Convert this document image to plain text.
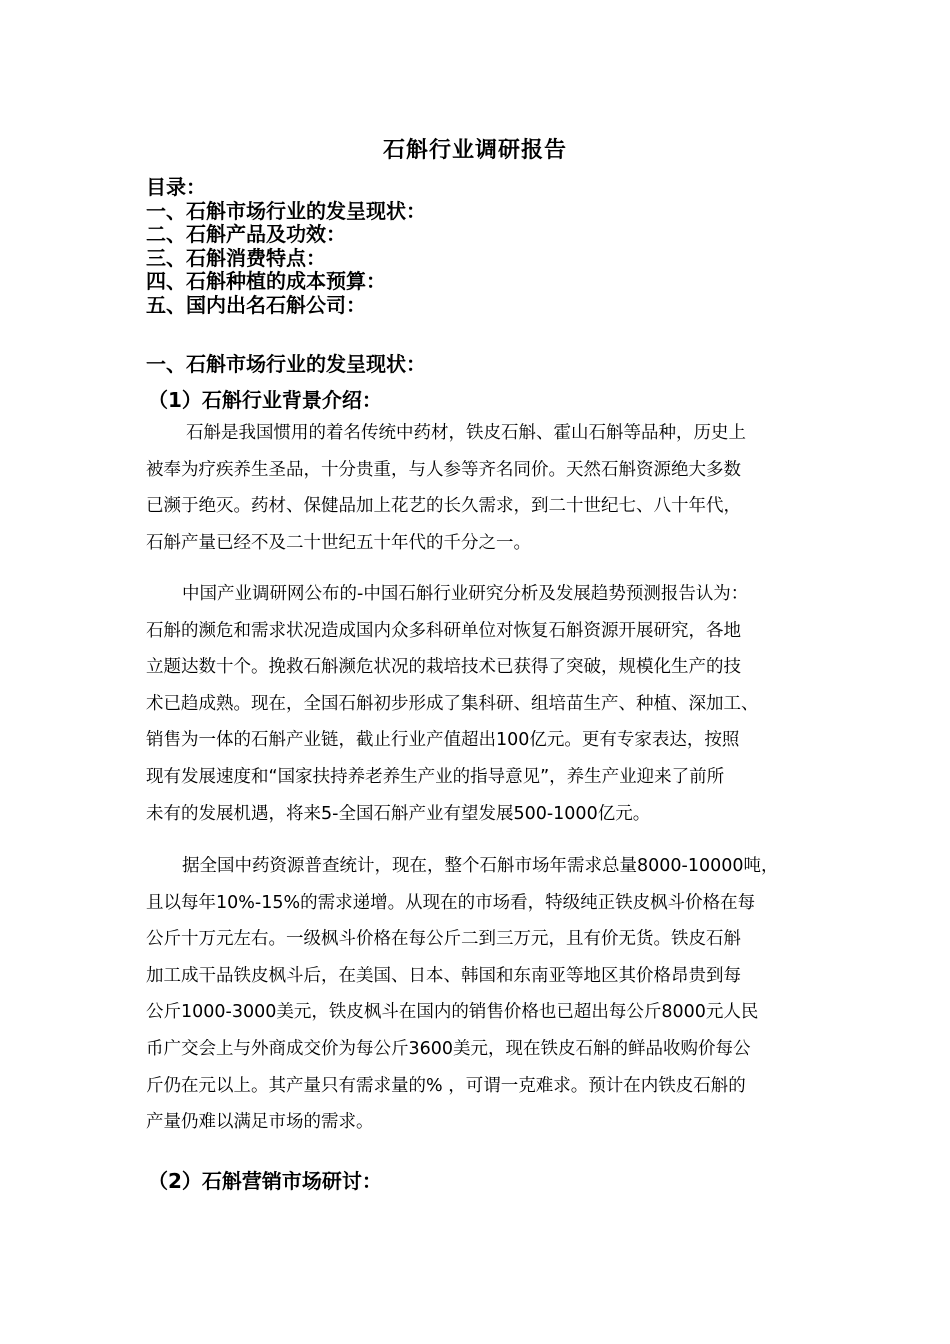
石斛行业调研报告
目录：
一、石斛市场行业的发呈现状：
二、石斛产品及功效：
三、石斛消费特点：
四、石斛种植的成本预算：
五、国内出名石斛公司：
一、石斛市场行业的发呈现状：
（1）石斛行业背景介绍：
石斛是我国惯用的着名传统中药材，铁皮石斛、霍山石斛等品种，历史上
被奉为疗疾养生圣品，十分贵重，与人参等齐名同价。天然石斛资源绝大多数
已濒于绝灭。药材、保健品加上花艺的长久需求，到二十世纪七、八十年代，
石斛产量已经不及二十世纪五十年代的千分之一。
中国产业调研网公布的-中国石斛行业研究分析及发展趋势预测报告认为：
石斛的濒危和需求状况造成国内众多科研单位对恢复石斛资源开展研究，各地
立题达数十个。挽救石斛濒危状况的栽培技术已获得了突破，规模化生产的技
术已趋成熟。现在，全国石斛初步形成了集科研、组培苗生产、种植、深加工、
销售为一体的石斛产业链，截止行业产值超出100亿元。更有专家表达，按照
现有发展速度和“国家扶持养老养生产业的指导意见”，养生产业迎来了前所
未有的发展机遇，将来5-全国石斛产业有望发展500-1000亿元。
据全国中药资源普查统计，现在，整个石斛市场年需求总量8000-10000吨，
且以每年10%-15%的需求递增。从现在的市场看，特级纯正铁皮枫斗价格在每
公斤十万元左右。一级枫斗价格在每公斤二到三万元，且有价无货。铁皮石斛
加工成干品铁皮枫斗后，在美国、日本、韩国和东南亚等地区其价格昂贵到每
公斤1000-3000美元，铁皮枫斗在国内的销售价格也已超出每公斤8000元人民
币广交会上与外商成交价为每公斤3600美元，现在铁皮石斛的鲜品收购价每公
斤仍在元以上。其产量只有需求量的% ，可谓一克难求。预计在内铁皮石斛的
产量仍难以满足市场的需求。
（2）石斛营销市场研讨：
